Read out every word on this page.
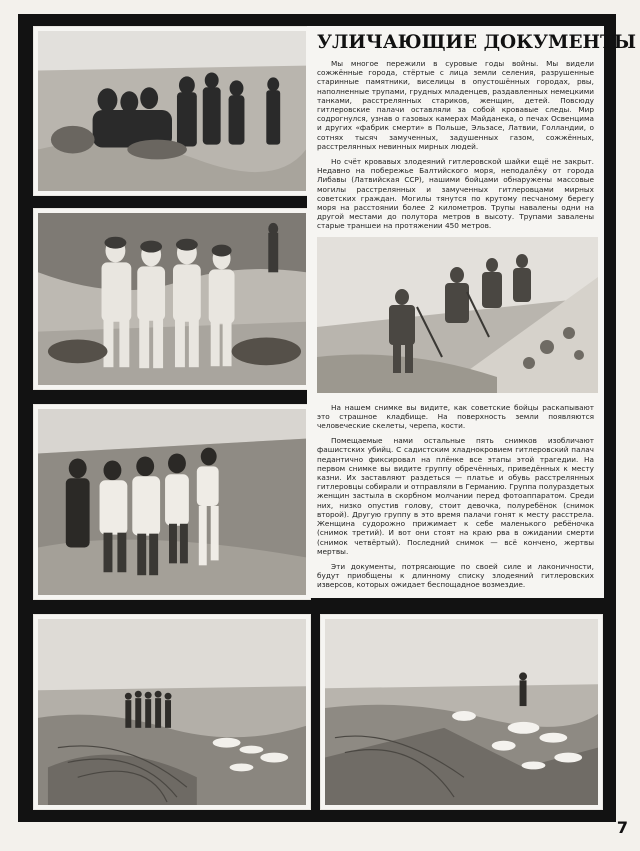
УЛИЧАЮЩИЕ ДОКУМЕНТЫ

Мы многое пережили в суровые годы войны. Мы видели сожжённые города, стёртые с лица земли селения, разрушенные старинные памятники, виселицы в опустошённых городах, рвы, наполненные трупами, грудных младенцев, раздавленных немецкими танками, расстрелянных стариков, женщин, детей. Повсюду гитлеровские палачи оставляли за собой кровавые следы. Мир содрогнулся, узнав о газовых камерах Майданека, о печах Освенцима и других «фабрик смерти» в Польше, Эльзасе, Латвии, Голландии, о сотнях тысяч замученных, задушенных газом, сожжённых, расстрелянных невинных мирных людей.

Но счёт кровавых злодеяний гитлеровской шайки ещё не закрыт. Недавно на побережье Балтийского моря, неподалёку от города Либавы (Латвийская ССР), нашими бойцами обнаружены массовые могилы расстрелянных и замученных гитлеровцами мирных советских граждан. Могилы тянутся по крутому песчаному берегу моря на расстоянии более 2 километров. Трупы навалены одни на другой местами до полутора метров в высоту. Трупами завалены старые траншеи на протяжении 450 метров.

На нашем снимке вы видите, как советские бойцы раскапывают это страшное кладбище. На поверхность земли появляются человеческие скелеты, черепа, кости.

Помещаемые нами остальные пять снимков изобличают фашистских убийц. С садистским хладнокровием гитлеровский палач педантично фиксировал на плёнке все этапы этой трагедии. На первом снимке вы видите группу обречённых, приведённых к месту казни. Их заставляют раздеться — платье и обувь расстрелянных гитлеровцы собирали и отправляли в Германию. Группа полураздетых женщин застыла в скорбном молчании перед фотоаппаратом. Среди них, низко опустив голову, стоит девочка, полуребёнок (снимок второй). Другую группу в это время палачи гонят к месту расстрела. Женщина судорожно прижимает к себе маленького ребёночка (снимок третий). И вот они стоят на краю рва в ожидании смерти (снимок четвёртый). Последний снимок — всё кончено, жертвы мертвы.

Эти документы, потрясающие по своей силе и лаконичности, будут приобщены к длинному списку злодеяний гитлеровских изверсов, которых ожидает беспощадное возмездие.

7
